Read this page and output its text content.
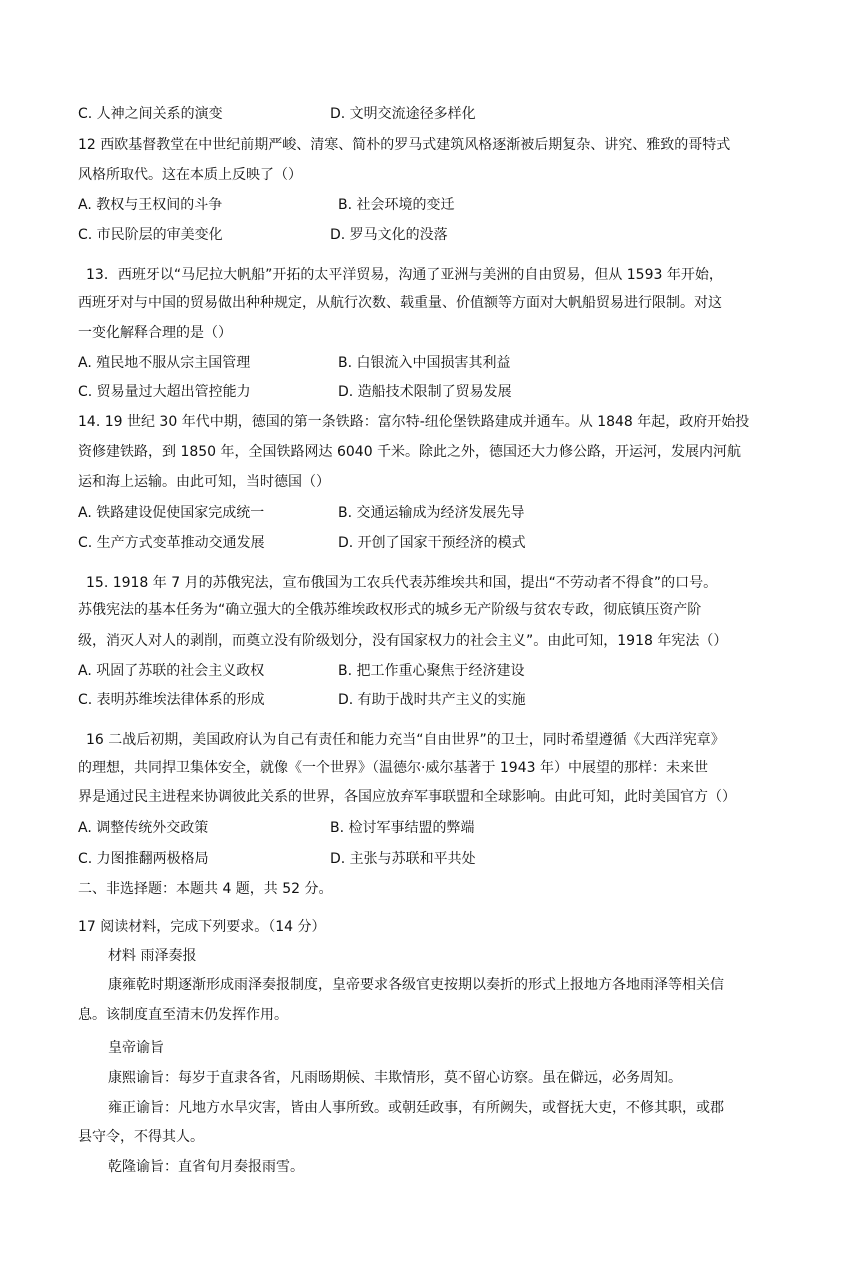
C. 人神之间关系的演变	D. 文明交流途径多样化
12 西欧基督教堂在中世纪前期严峻、清寒、简朴的罗马式建筑风格逐渐被后期复杂、讲究、雅致的哥特式
风格所取代。这在本质上反映了（）
A. 教权与王权间的斗争	B. 社会环境的变迁
C. 市民阶层的审美变化	D. 罗马文化的没落
13．西班牙以“马尼拉大帆船”开拓的太平洋贸易，沟通了亚洲与美洲的自由贸易，但从 1593 年开始，
西班牙对与中国的贸易做出种种规定，从航行次数、载重量、价值额等方面对大帆船贸易进行限制。对这
一变化解释合理的是（）
A. 殖民地不服从宗主国管理	B. 白银流入中国损害其利益
C. 贸易量过大超出管控能力	D. 造船技术限制了贸易发展
14. 19 世纪 30 年代中期，德国的第一条铁路：富尔特-纽伦堡铁路建成并通车。从 1848 年起，政府开始投
资修建铁路，到 1850 年，全国铁路网达 6040 千米。除此之外，德国还大力修公路，开运河，发展内河航
运和海上运输。由此可知，当时德国（）
A. 铁路建设促使国家完成统一	B. 交通运输成为经济发展先导
C. 生产方式变革推动交通发展	D. 开创了国家干预经济的模式
15. 1918 年 7 月的苏俄宪法，宣布俄国为工农兵代表苏维埃共和国，提出“不劳动者不得食”的口号。
苏俄宪法的基本任务为“确立强大的全俄苏维埃政权形式的城乡无产阶级与贫农专政，彻底镇压资产阶
级，消灭人对人的剥削，而奠立没有阶级划分，没有国家权力的社会主义”。由此可知，1918 年宪法（）
A. 巩固了苏联的社会主义政权	B. 把工作重心聚焦于经济建设
C. 表明苏维埃法律体系的形成	D. 有助于战时共产主义的实施
16 二战后初期，美国政府认为自己有责任和能力充当“自由世界”的卫士，同时希望遵循《大西洋宪章》
的理想，共同捍卫集体安全，就像《一个世界》（温德尔·威尔基著于 1943 年）中展望的那样：未来世
界是通过民主进程来协调彼此关系的世界，各国应放弃军事联盟和全球影响。由此可知，此时美国官方（）
A. 调整传统外交政策	B. 检讨军事结盟的弊端
C. 力图推翻两极格局	D. 主张与苏联和平共处
二、非选择题：本题共 4 题，共 52 分。
17 阅读材料，完成下列要求。（14 分）
材料 雨泽奏报
康雍乾时期逐渐形成雨泽奏报制度，皇帝要求各级官吏按期以奏折的形式上报地方各地雨泽等相关信
息。该制度直至清末仍发挥作用。
皇帝谕旨
康熙谕旨：每岁于直隶各省，凡雨旸期候、丰欺情形，莫不留心访察。虽在僻远，必务周知。
雍正谕旨：凡地方水旱灾害，皆由人事所致。或朝廷政事，有所阙失，或督抚大吏，不修其职，或郡
县守令，不得其人。
乾隆谕旨：直省旬月奏报雨雪。
